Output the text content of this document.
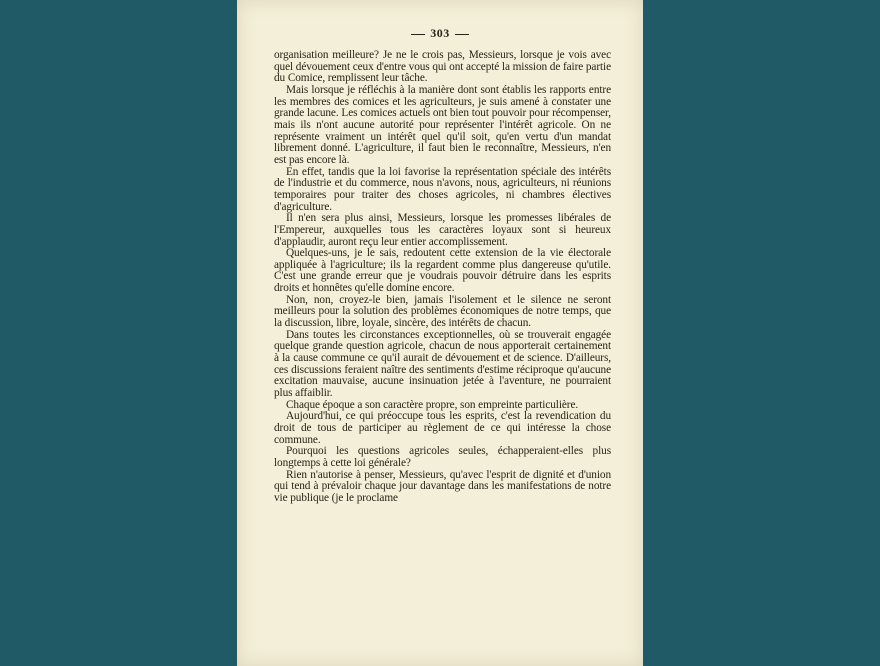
303

organisation meilleure? Je ne le crois pas, Messieurs, lorsque je vois avec quel dévouement ceux d'entre vous qui ont accepté la mission de faire partie du Comice, remplissent leur tâche.

Mais lorsque je réfléchis à la manière dont sont établis les rapports entre les membres des comices et les agriculteurs, je suis amené à constater une grande lacune. Les comices actuels ont bien tout pouvoir pour récompenser, mais ils n'ont aucune autorité pour représenter l'intérêt agricole. On ne représente vraiment un intérêt quel qu'il soit, qu'en vertu d'un mandat librement donné. L'agriculture, il faut bien le reconnaître, Messieurs, n'en est pas encore là.

En effet, tandis que la loi favorise la représentation spéciale des intérêts de l'industrie et du commerce, nous n'avons, nous, agriculteurs, ni réunions temporaires pour traiter des choses agricoles, ni chambres électives d'agriculture.

Il n'en sera plus ainsi, Messieurs, lorsque les promesses libérales de l'Empereur, auxquelles tous les caractères loyaux sont si heureux d'applaudir, auront reçu leur entier accomplissement.

Quelques-uns, je le sais, redoutent cette extension de la vie électorale appliquée à l'agriculture; ils la regardent comme plus dangereuse qu'utile. C'est une grande erreur que je voudrais pouvoir détruire dans les esprits droits et honnêtes qu'elle domine encore.

Non, non, croyez-le bien, jamais l'isolement et le silence ne seront meilleurs pour la solution des problèmes économiques de notre temps, que la discussion, libre, loyale, sincère, des intérêts de chacun.

Dans toutes les circonstances exceptionnelles, où se trouverait engagée quelque grande question agricole, chacun de nous apporterait certainement à la cause commune ce qu'il aurait de dévouement et de science. D'ailleurs, ces discussions feraient naître des sentiments d'estime réciproque qu'aucune excitation mauvaise, aucune insinuation jetée à l'aventure, ne pourraient plus affaiblir.

Chaque époque a son caractère propre, son empreinte particulière.

Aujourd'hui, ce qui préoccupe tous les esprits, c'est la revendication du droit de tous de participer au règlement de ce qui intéresse la chose commune.

Pourquoi les questions agricoles seules, échapperaient-elles plus longtemps à cette loi générale?

Rien n'autorise à penser, Messieurs, qu'avec l'esprit de dignité et d'union qui tend à prévaloir chaque jour davantage dans les manifestations de notre vie publique (je le proclame
